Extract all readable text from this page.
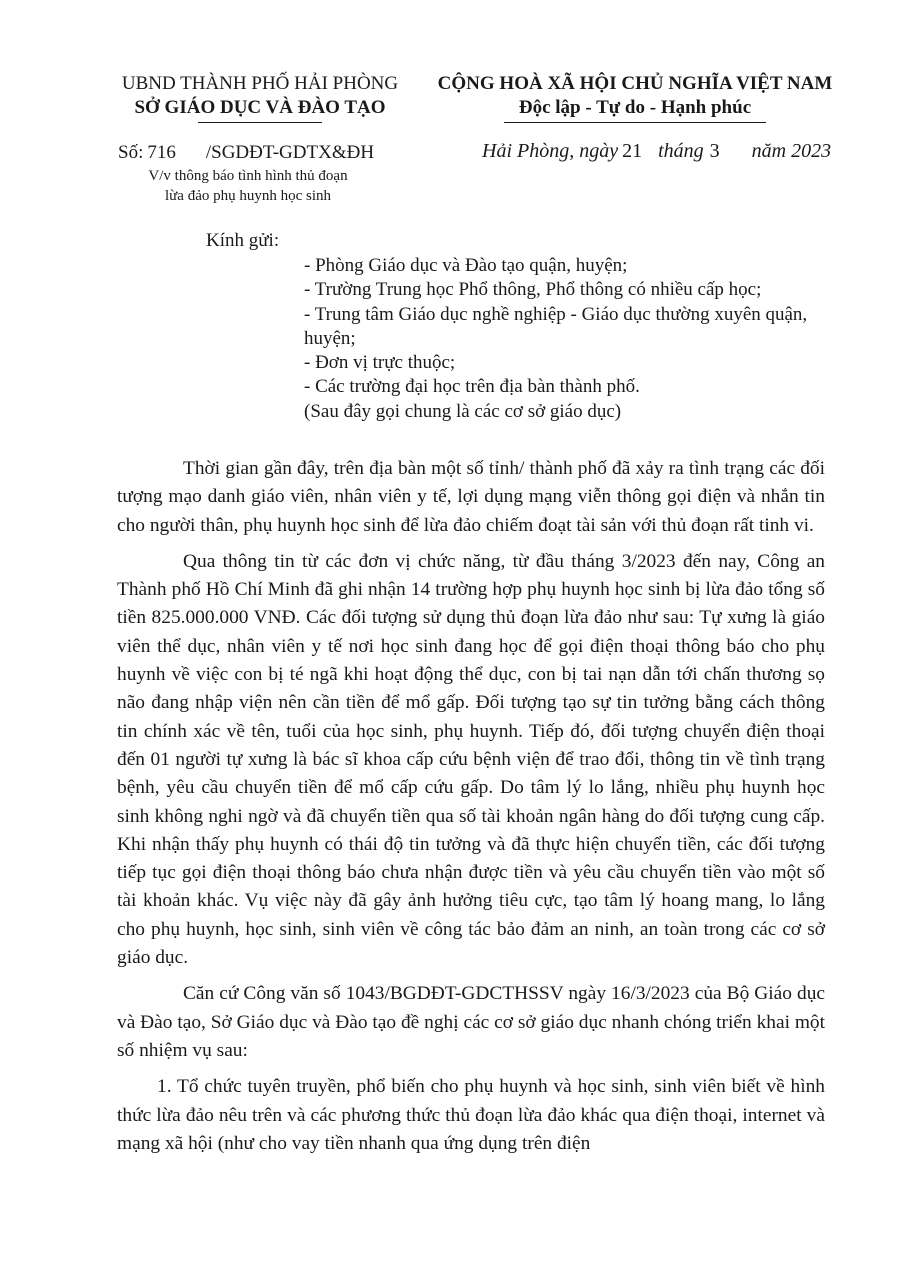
UBND THÀNH PHỐ HẢI PHÒNG
SỞ GIÁO DỤC VÀ ĐÀO TẠO
CỘNG HOÀ XÃ HỘI CHỦ NGHĨA VIỆT NAM
Độc lập - Tự do - Hạnh phúc
Số: 716 /SGDĐT-GDTX&ĐH
V/v thông báo tình hình thủ đoạn
lừa đảo phụ huynh học sinh
Hải Phòng, ngày 21 tháng 3 năm 2023
Kính gửi:
- Phòng Giáo dục và Đào tạo quận, huyện;
- Trường Trung học Phổ thông, Phổ thông có nhiều cấp học;
- Trung tâm Giáo dục nghề nghiệp - Giáo dục thường xuyên quận, huyện;
- Đơn vị trực thuộc;
- Các trường đại học trên địa bàn thành phố.
(Sau đây gọi chung là các cơ sở giáo dục)

Thời gian gần đây, trên địa bàn một số tỉnh/ thành phố đã xảy ra tình trạng các đối tượng mạo danh giáo viên, nhân viên y tế, lợi dụng mạng viễn thông gọi điện và nhắn tin cho người thân, phụ huynh học sinh để lừa đảo chiếm đoạt tài sản với thủ đoạn rất tinh vi.

Qua thông tin từ các đơn vị chức năng, từ đầu tháng 3/2023 đến nay, Công an Thành phố Hồ Chí Minh đã ghi nhận 14 trường hợp phụ huynh học sinh bị lừa đảo tổng số tiền 825.000.000 VNĐ. Các đối tượng sử dụng thủ đoạn lừa đảo như sau: Tự xưng là giáo viên thể dục, nhân viên y tế nơi học sinh đang học để gọi điện thoại thông báo cho phụ huynh về việc con bị té ngã khi hoạt động thể dục, con bị tai nạn dẫn tới chấn thương sọ não đang nhập viện nên cần tiền để mổ gấp. Đối tượng tạo sự tin tưởng bằng cách thông tin chính xác về tên, tuổi của học sinh, phụ huynh. Tiếp đó, đối tượng chuyển điện thoại đến 01 người tự xưng là bác sĩ khoa cấp cứu bệnh viện để trao đổi, thông tin về tình trạng bệnh, yêu cầu chuyển tiền để mổ cấp cứu gấp. Do tâm lý lo lắng, nhiều phụ huynh học sinh không nghi ngờ và đã chuyển tiền qua số tài khoản ngân hàng do đối tượng cung cấp. Khi nhận thấy phụ huynh có thái độ tin tưởng và đã thực hiện chuyển tiền, các đối tượng tiếp tục gọi điện thoại thông báo chưa nhận được tiền và yêu cầu chuyển tiền vào một số tài khoản khác. Vụ việc này đã gây ảnh hưởng tiêu cực, tạo tâm lý hoang mang, lo lắng cho phụ huynh, học sinh, sinh viên về công tác bảo đảm an ninh, an toàn trong các cơ sở giáo dục.

Căn cứ Công văn số 1043/BGDĐT-GDCTHSSV ngày 16/3/2023 của Bộ Giáo dục và Đào tạo, Sở Giáo dục và Đào tạo đề nghị các cơ sở giáo dục nhanh chóng triển khai một số nhiệm vụ sau:

1. Tổ chức tuyên truyền, phổ biến cho phụ huynh và học sinh, sinh viên biết về hình thức lừa đảo nêu trên và các phương thức thủ đoạn lừa đảo khác qua điện thoại, internet và mạng xã hội (như cho vay tiền nhanh qua ứng dụng trên điện
